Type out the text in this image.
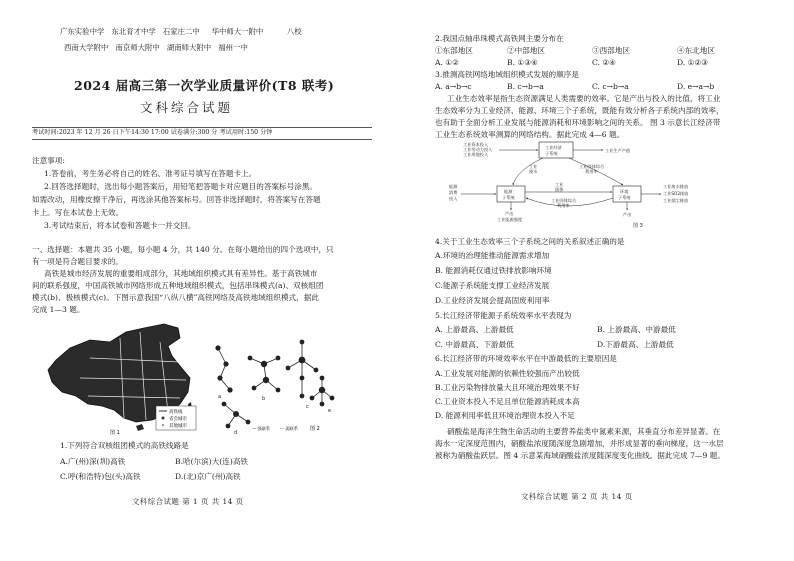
广东实验中学 东北育才中学 石家庄二中 华中师大一附中	八校
西南大学附中 南京师大附中 湖南师大附中 福州一中
2024 届高三第一次学业质量评价(T8 联考)
文科综合试题
考试时间:2023 年 12 月 26 日下午14:30 17:00 试卷满分:300 分 考试用时:150 分钟
注意事项:
1.答卷前，考生务必将自己的姓名、准考证号填写在答题卡上。
2.回答选择题时，选出每小题答案后，用铅笔把答题卡对应题目的答案标号涂黑。
如需改动，用橡皮擦干净后，再选涂其他答案标号。回答非选择题时，将答案写在答题
卡上。写在本试卷上无效。
3.考试结束后，将本试卷和答题卡一并交回。
一、选择题：本题共 35 小题，每小题 4 分，共 140 分。在每小题给出的四个选项中，只
有一项是符合题目要求的。
高铁是城市经济发展的重要组成部分，其地域组织模式具有差异性。基于高铁城市
间的联系强度，中国高铁城市网络形成五种地域组织模式，包括串珠模式(a)、双核组团
模式(b)、极核模式(c)。下图示意我国“八纵八横”高铁网络及高铁地域组织模式，据此
完成 1—3 题。
高铁线
省会城市
其他城市
图 1
a	b
c
d
e
— 强联系 ··· 弱联系 图 2
1.下列符合双核组团模式的高铁线路是
A.广(州)深(圳)高铁	B.哈(尔滨)大(连)高铁
C.呼(和浩特)包(头)高铁	D.(北)京广(州)高铁
文科综合试题 第 1 页 共 14 页
2.我国点轴串珠模式高铁网主要分布在
①东部地区	②中部地区	③西部地区	④东北地区
A. ①②	B. ①③④	C. ②④	D. ①②③
3.推测高铁网络地域组织模式发展的顺序是
A. a→b→c	B. c→b→a	C. c→b→a	D. e→a→b
工业生态效率是指生态资源满足人类需要的效率。它是产出与投入的比值，将工业
生态效率分为工业经济、能源、环境三个子系统，既能有效分析各子系统内部的效率，
也有助于全面分析工业发展与能源消耗和环境影响之间的关系。 图 3 示意长江经济带
工业生态系统效率测算的网络结构。据此完成 4—6 题。
工业经济
子系统
能源
子系统
环境
子系统
工业资本投入
工业劳动力投入
工业用地投入
工业生产产值
工业
废水
工业固体综合
利用率
工业
固体
工业固体综合
利用率
能源
消费
投入
产出
工业能源强度
工业废水排放
工业SO2排放
工业烟尘排放
产出
图 3
4.关于工业生态效率三个子系统之间的关系叙述正确的是
A.环境的治理能推动能源需求增加
B. 能源消耗仅通过铁排放影响环境
C.能源子系统能支撑工业经济发展
D.工业经济发展会提高固废利用率
5.长江经济带能源子系统效率水平表现为
A. 上游最高、上游最低	B. 上游最高、中游最低
C. 中游最高、下游最低	D.下游最高、上游最低
6.长江经济带的环境效率水平在中游最低的主要原因是
A.工业发展对能源的依赖性较强而产出较低
B.工业污染物排放量大且环境治理效果不好
C.工业资本投入不足且单位能源消耗成本高
D. 能源利用率低且环境治理资本投入不足
硝酸盐是海洋生物生命活动的主要营养盐类中氮素来源，其垂直分布差异显著。在
海水一定深度范围内，硝酸盐浓度随深度急剧增加，并形成显著的垂向梯度，这一水层
被称为硝酸盐跃层。图 4 示意某海域硝酸盐浓度随深度变化曲线。据此完成 7—9 题。
文科综合试题 第 2 页 共 14 页
